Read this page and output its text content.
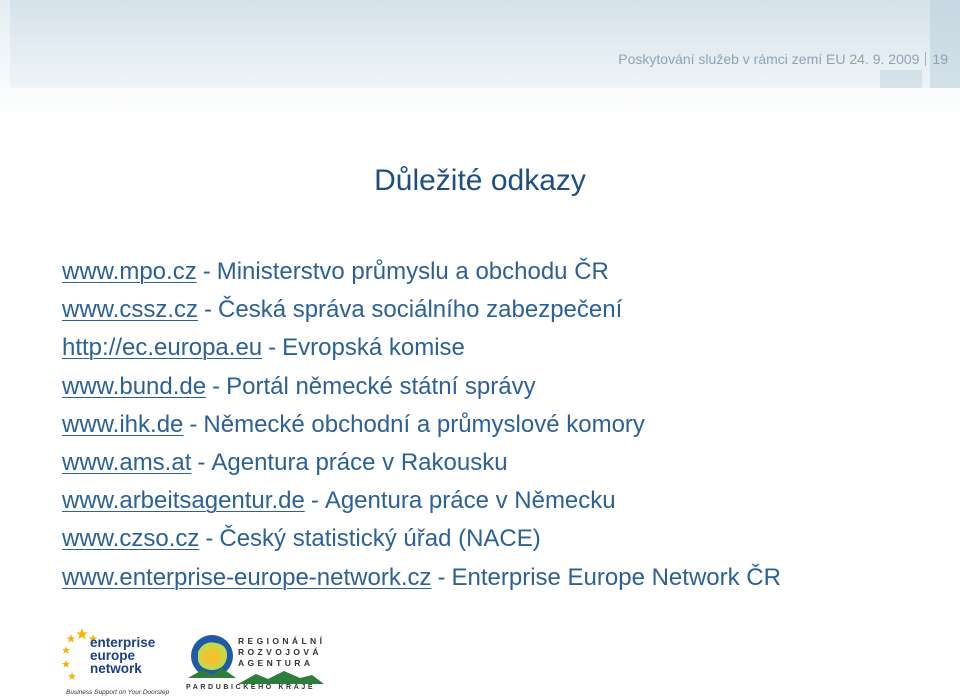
Poskytování služeb v rámci zemí EU 24. 9. 2009 19
Důležité odkazy
www.mpo.cz - Ministerstvo průmyslu a obchodu ČR
www.cssz.cz - Česká správa sociálního zabezpečení
http://ec.europa.eu - Evropská komise
www.bund.de - Portál německé státní správy
www.ihk.de - Německé obchodní a průmyslové komory
www.ams.at - Agentura práce v Rakousku
www.arbeitsagentur.de - Agentura práce v Německu
www.czso.cz - Český statistický úřad (NACE)
www.enterprise-europe-network.cz - Enterprise Europe Network ČR
enterprise
europe
network
Business Support on Your Doorstep
REGIONÁLNÍ
ROZVOJOVÁ
AGENTURA
PARDUBICKÉHO KRAJE
